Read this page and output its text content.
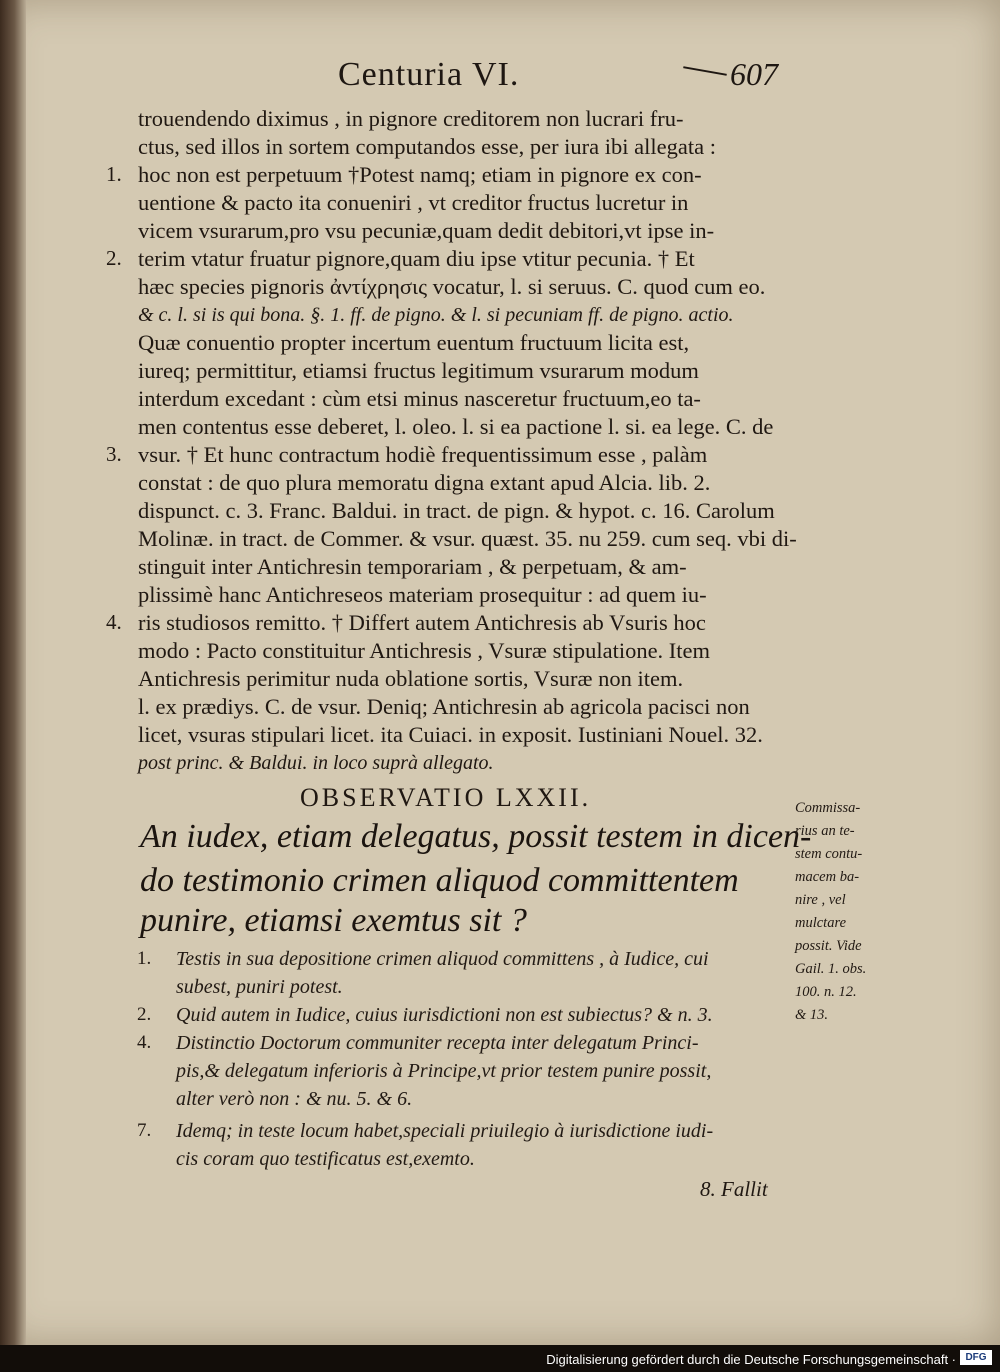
Centuria VI.	607
trouendendo diximus , in pignore creditorem non lucrari fru-
ctus, sed illos in sortem computandos esse, per iura ibi allegata :
hoc non est perpetuum †Potest namq; etiam in pignore ex con-
uentione & pacto ita conueniri , vt creditor fructus lucretur in
vicem vsurarum,pro vsu pecuniæ,quam dedit debitori,vt ipse in-
terim vtatur fruatur pignore,quam diu ipse vtitur pecunia. † Et
hæc species pignoris ἀντίχρησις vocatur, l. si seruus. C. quod cum eo.
& c. l. si is qui bona. §. 1. ff. de pigno. & l. si pecuniam ff. de pigno. actio.
Quæ conuentio propter incertum euentum fructuum licita est,
iureq; permittitur, etiamsi fructus legitimum vsurarum modum
interdum excedant : cùm etsi minus nasceretur fructuum,eo ta-
men contentus esse deberet, l. oleo. l. si ea pactione l. si. ea lege. C. de
vsur. † Et hunc contractum hodiè frequentissimum esse , palàm
constat : de quo plura memoratu digna extant apud Alcia. lib. 2.
dispunct. c. 3. Franc. Baldui. in tract. de pign. & hypot. c. 16. Carolum
Molinæ. in tract. de Commer. & vsur. quæst. 35. nu 259. cum seq. vbi di-
stinguit inter Antichresin temporariam , & perpetuam, & am-
plissimè hanc Antichreseos materiam prosequitur : ad quem iu-
ris studiosos remitto. † Differt autem Antichresis ab Vsuris hoc
modo : Pacto constituitur Antichresis , Vsuræ stipulatione. Item
Antichresis perimitur nuda oblatione sortis, Vsuræ non item.
l. ex prædiys. C. de vsur. Deniq; Antichresin ab agricola pacisci non
licet, vsuras stipulari licet. ita Cuiaci. in exposit. Iustiniani Nouel. 32.
post princ. & Baldui. in loco suprà allegato.
1.
2.
3.
4.
OBSERVATIO LXXII.
An iudex, etiam delegatus, possit testem in dicen-
do testimonio crimen aliquod committentem
punire, etiamsi exemtus sit ?
1. Testis in sua depositione crimen aliquod committens , à Iudice, cui
subest, puniri potest.
2. Quid autem in Iudice, cuius iurisdictioni non est subiectus? & n. 3.
4. Distinctio Doctorum communiter recepta inter delegatum Princi-
pis,& delegatum inferioris à Principe,vt prior testem punire possit,
alter verò non : & nu. 5. & 6.
7. Idemq; in teste locum habet,speciali priuilegio à iurisdictione iudi-
cis coram quo testificatus est,exemto.
Commissa-
rius an te-
stem contu-
macem ba-
nire , vel
mulctare
possit. Vide
Gail. 1. obs.
100. n. 12.
& 13.
8. Fallit
Digitalisierung gefördert durch die Deutsche Forschungsgemeinschaft · DFG
